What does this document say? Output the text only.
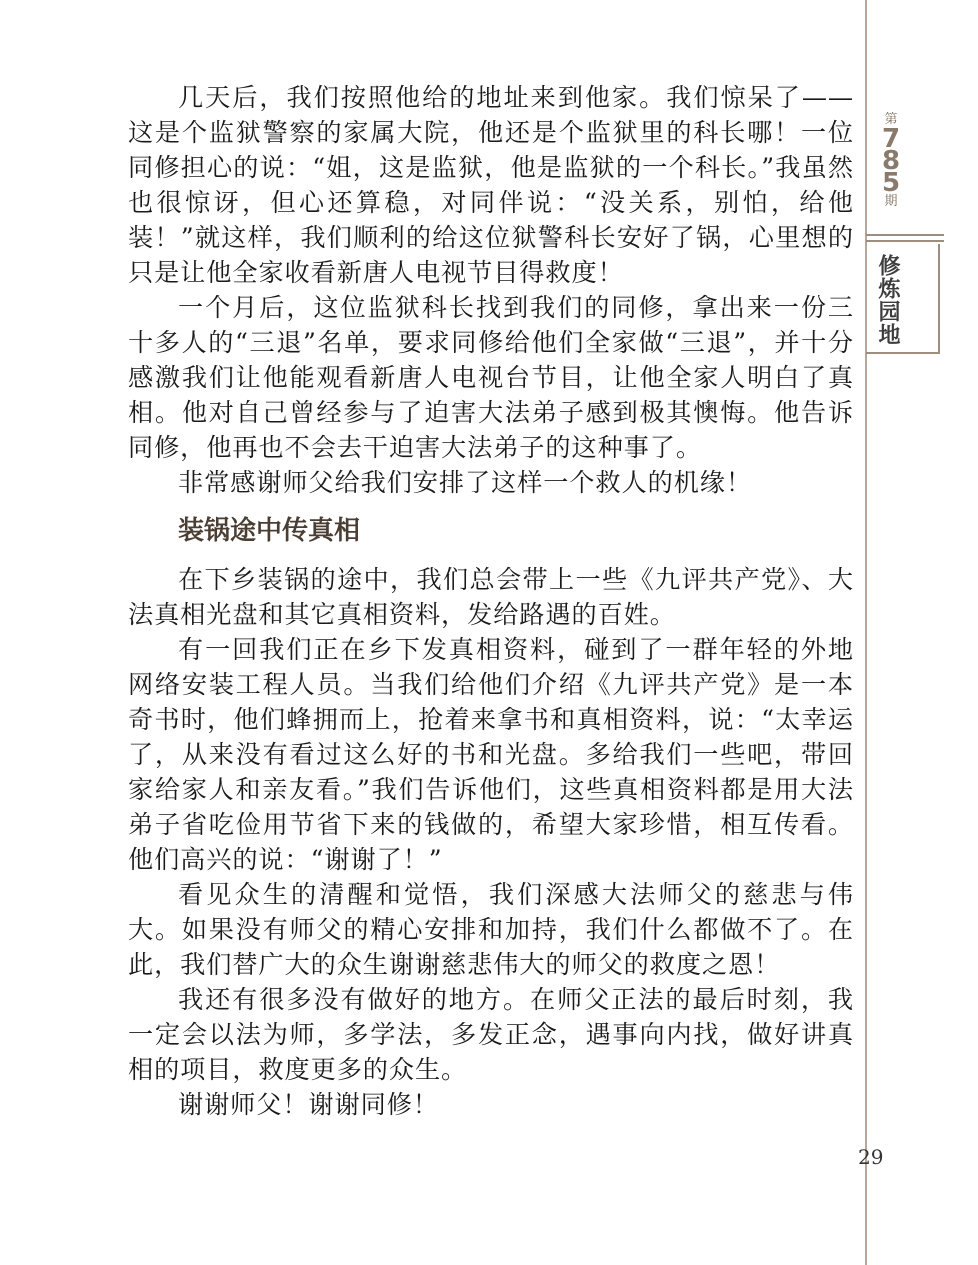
第
7
8
5
期
修炼园地

几天后，我们按照他给的地址来到他家。我们惊呆了——这是个监狱警察的家属大院，他还是个监狱里的科长哪！一位同修担心的说：“姐，这是监狱，他是监狱的一个科长。”我虽然也很惊讶，但心还算稳，对同伴说：“没关系，别怕，给他装！”就这样，我们顺利的给这位狱警科长安好了锅，心里想的只是让他全家收看新唐人电视节目得救度！

一个月后，这位监狱科长找到我们的同修，拿出来一份三十多人的“三退”名单，要求同修给他们全家做“三退”，并十分感激我们让他能观看新唐人电视台节目，让他全家人明白了真相。他对自己曾经参与了迫害大法弟子感到极其懊悔。他告诉同修，他再也不会去干迫害大法弟子的这种事了。

非常感谢师父给我们安排了这样一个救人的机缘！

装锅途中传真相

在下乡装锅的途中，我们总会带上一些《九评共产党》、大法真相光盘和其它真相资料，发给路遇的百姓。

有一回我们正在乡下发真相资料，碰到了一群年轻的外地网络安装工程人员。当我们给他们介绍《九评共产党》是一本奇书时，他们蜂拥而上，抢着来拿书和真相资料，说：“太幸运了，从来没有看过这么好的书和光盘。多给我们一些吧，带回家给家人和亲友看。”我们告诉他们，这些真相资料都是用大法弟子省吃俭用节省下来的钱做的，希望大家珍惜，相互传看。他们高兴的说：“谢谢了！”

看见众生的清醒和觉悟，我们深感大法师父的慈悲与伟大。如果没有师父的精心安排和加持，我们什么都做不了。在此，我们替广大的众生谢谢慈悲伟大的师父的救度之恩！

我还有很多没有做好的地方。在师父正法的最后时刻，我一定会以法为师，多学法，多发正念，遇事向内找，做好讲真相的项目，救度更多的众生。

谢谢师父！谢谢同修！

29
